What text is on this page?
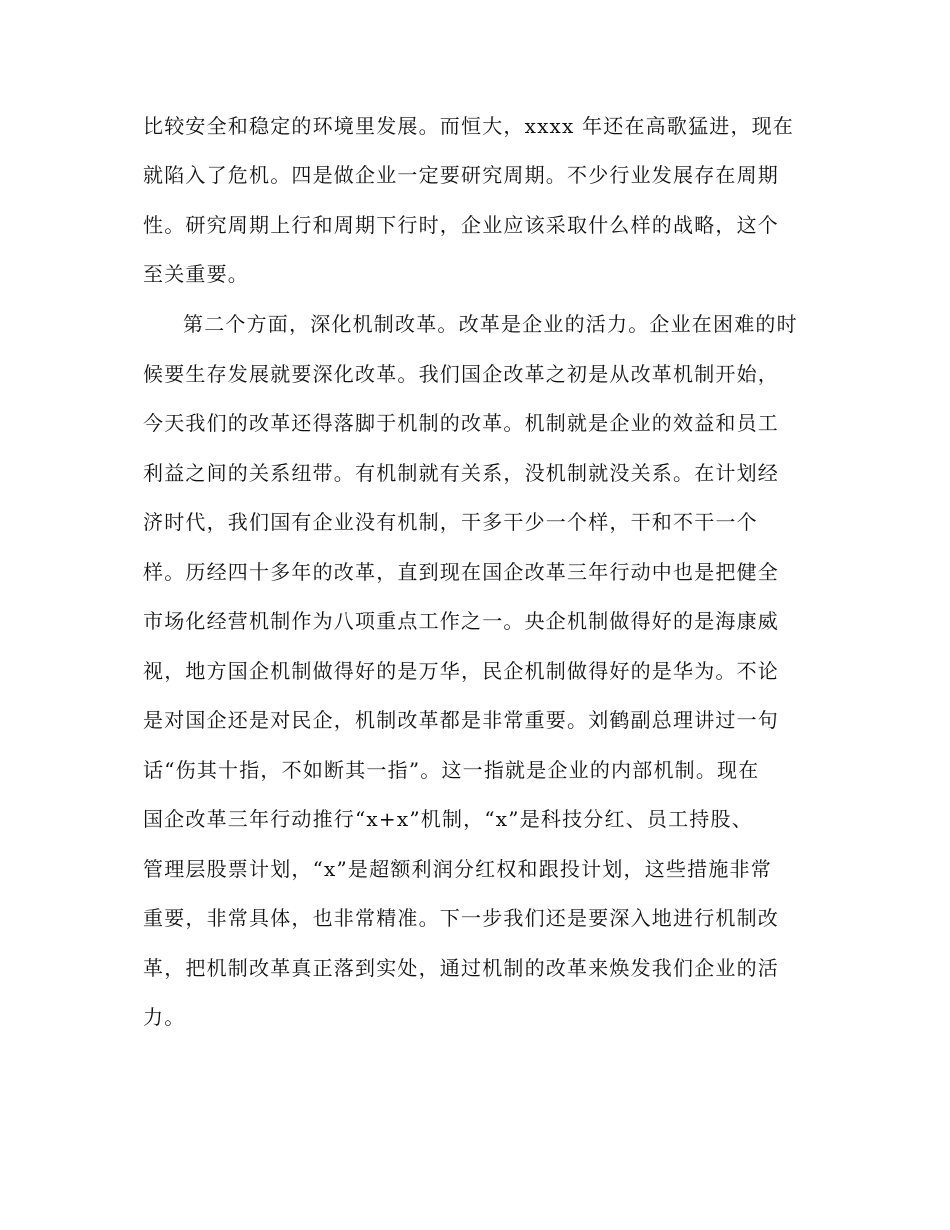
比较安全和稳定的环境里发展。而恒大，xxxx 年还在高歌猛进，现在
就陷入了危机。四是做企业一定要研究周期。不少行业发展存在周期
性。研究周期上行和周期下行时，企业应该采取什么样的战略，这个
至关重要。
第二个方面，深化机制改革。改革是企业的活力。企业在困难的时
候要生存发展就要深化改革。我们国企改革之初是从改革机制开始，
今天我们的改革还得落脚于机制的改革。机制就是企业的效益和员工
利益之间的关系纽带。有机制就有关系，没机制就没关系。在计划经
济时代，我们国有企业没有机制，干多干少一个样，干和不干一个
样。历经四十多年的改革，直到现在国企改革三年行动中也是把健全
市场化经营机制作为八项重点工作之一。央企机制做得好的是海康威
视，地方国企机制做得好的是万华，民企机制做得好的是华为。不论
是对国企还是对民企，机制改革都是非常重要。刘鹤副总理讲过一句
话“伤其十指，不如断其一指”。这一指就是企业的内部机制。现在
国企改革三年行动推行“x+x”机制，“x”是科技分红、员工持股、
管理层股票计划，“x”是超额利润分红权和跟投计划，这些措施非常
重要，非常具体，也非常精准。下一步我们还是要深入地进行机制改
革，把机制改革真正落到实处，通过机制的改革来焕发我们企业的活
力。
